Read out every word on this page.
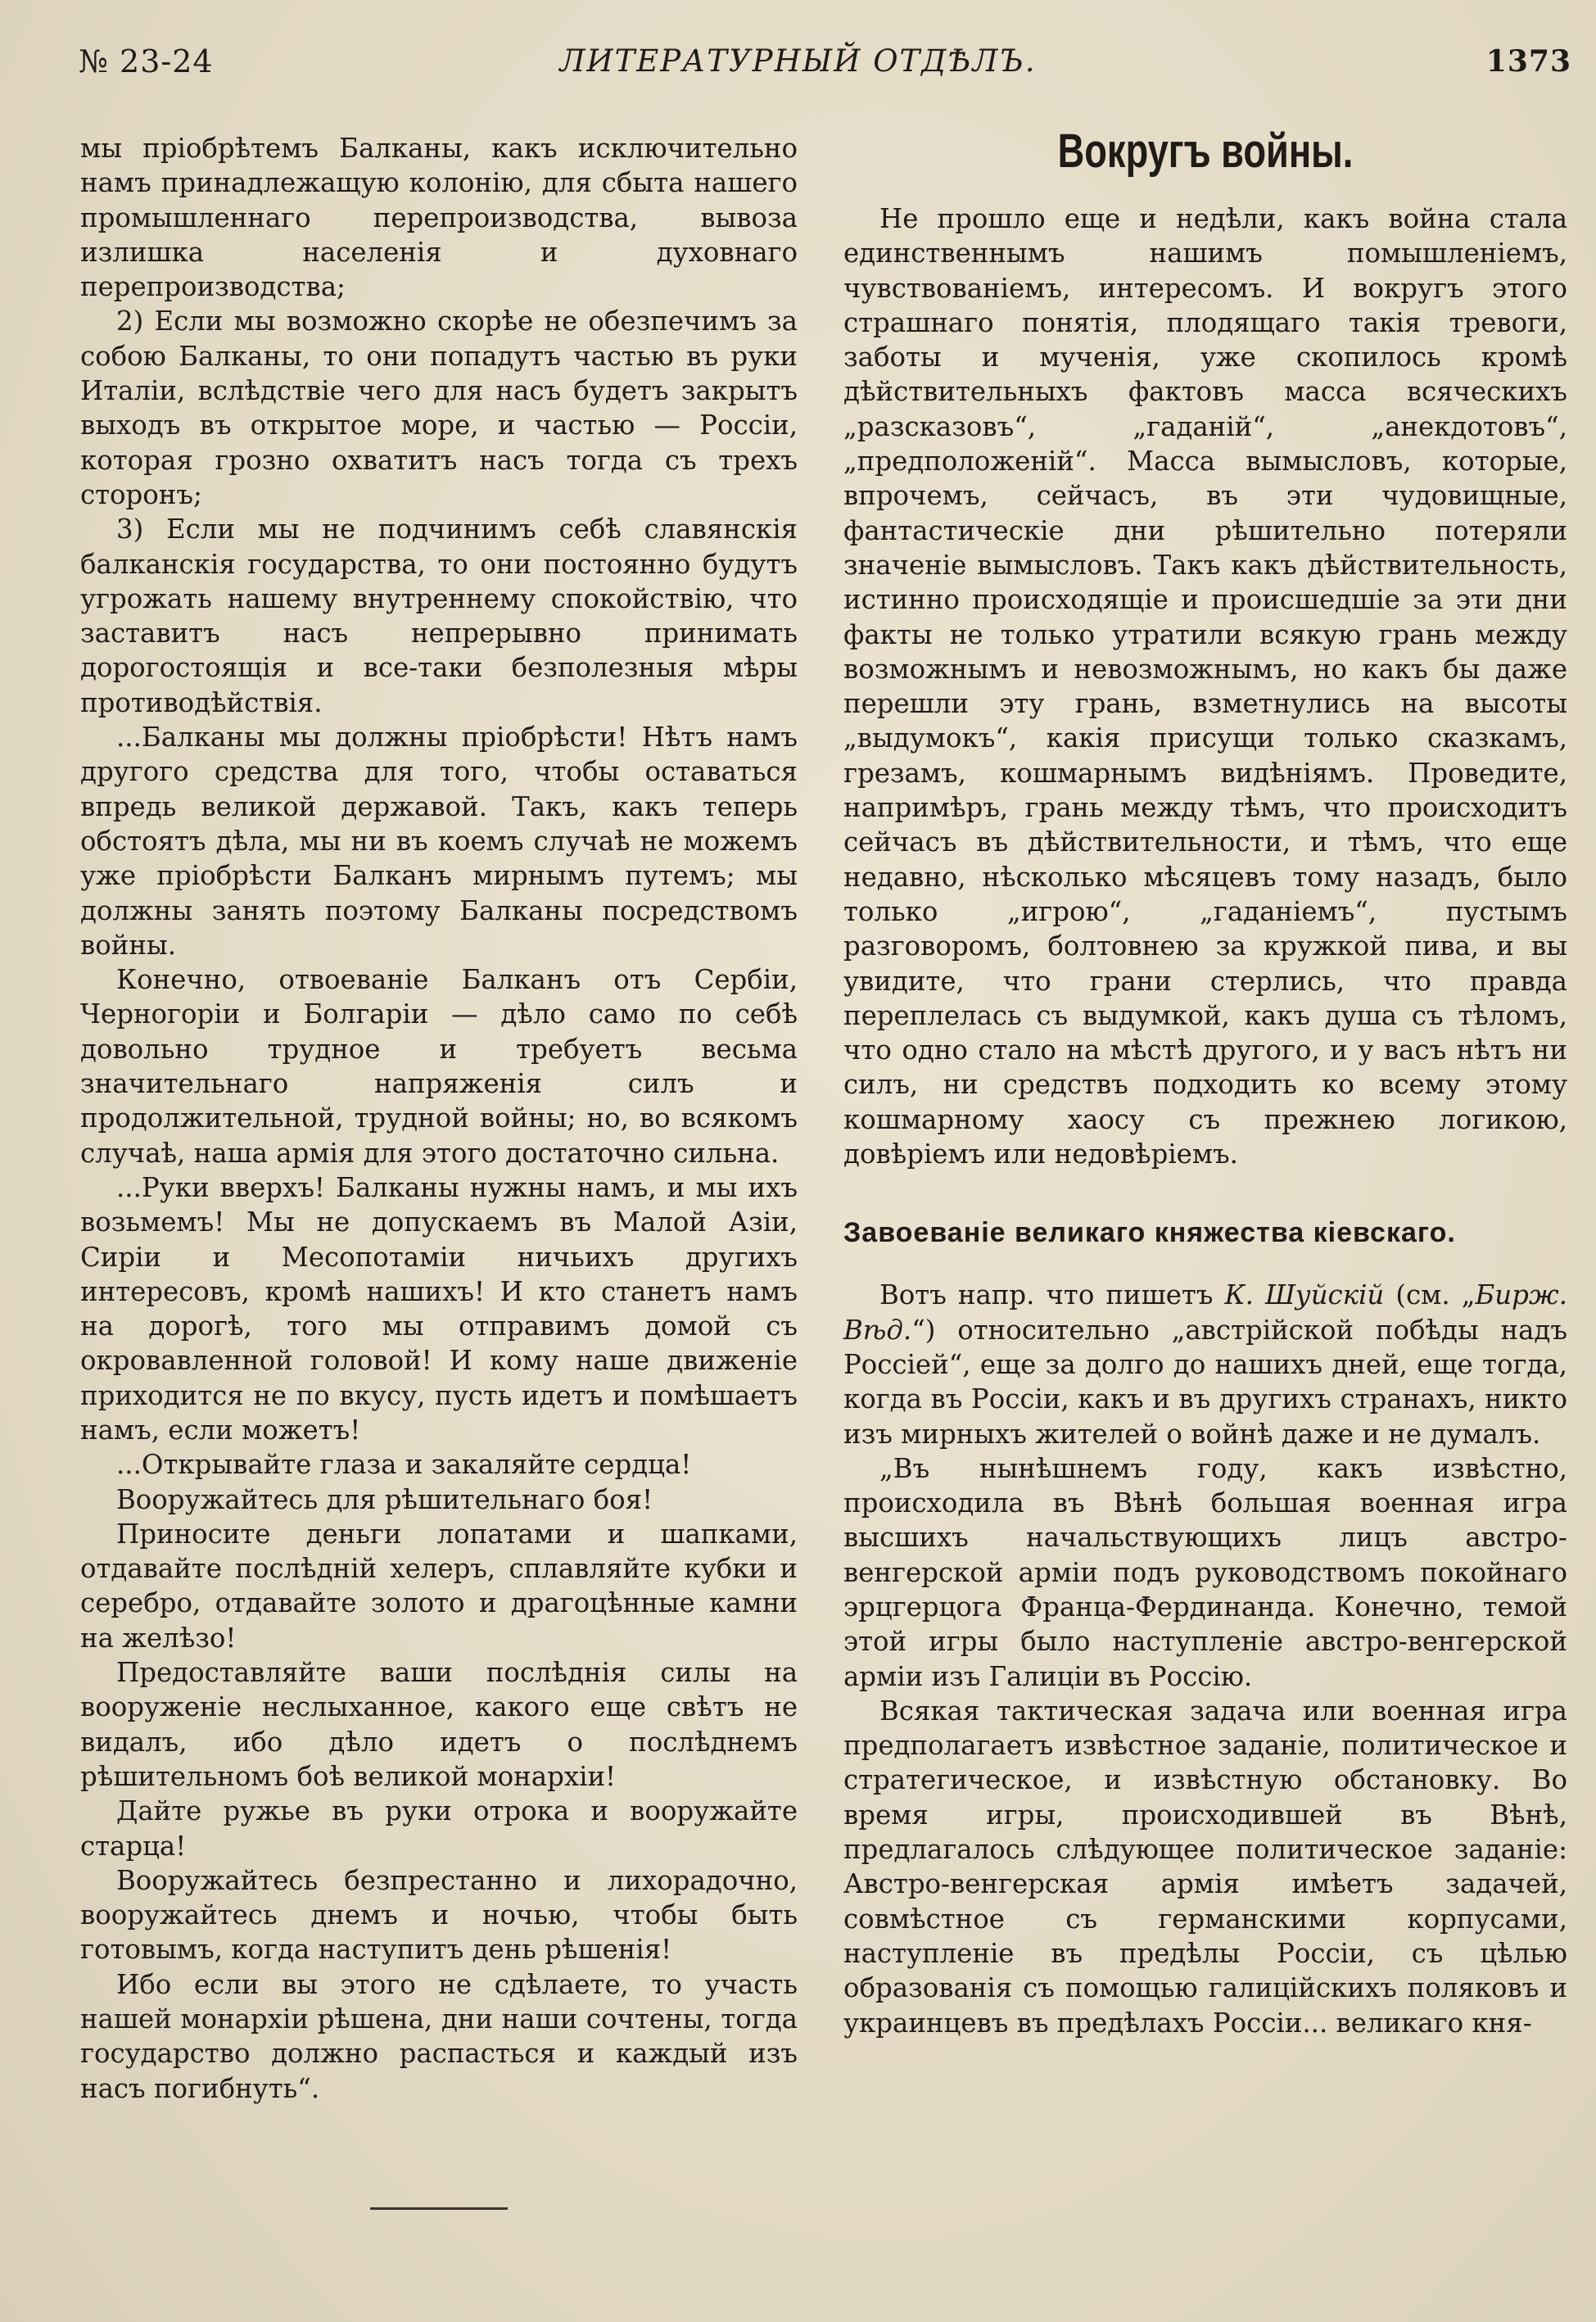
№ 23-24	ЛИТЕРАТУРНЫЙ ОТДѢЛЪ.	1373

мы пріобрѣтемъ Балканы, какъ исключительно намъ принадлежащую колонію, для сбыта нашего промышленнаго перепроизводства, вывоза излишка населенія и духовнаго перепроизводства;

2) Если мы возможно скорѣе не обезпечимъ за собою Балканы, то они попадутъ частью въ руки Италіи, вслѣдствіе чего для насъ будетъ закрытъ выходъ въ открытое море, и частью — Россіи, которая грозно охватитъ насъ тогда съ трехъ сторонъ;

3) Если мы не подчинимъ себѣ славянскія балканскія государства, то они постоянно будутъ угрожать нашему внутреннему спокойствію, что заставитъ насъ непрерывно принимать дорогостоящія и все-таки безполезныя мѣры противодѣйствія.

...Балканы мы должны пріобрѣсти! Нѣтъ намъ другого средства для того, чтобы оставаться впредь великой державой. Такъ, какъ теперь обстоятъ дѣла, мы ни въ коемъ случаѣ не можемъ уже пріобрѣсти Балканъ мирнымъ путемъ; мы должны занять поэтому Балканы посредствомъ войны.

Конечно, отвоеваніе Балканъ отъ Сербіи, Черногоріи и Болгаріи — дѣло само по себѣ довольно трудное и требуетъ весьма значительнаго напряженія силъ и продолжительной, трудной войны; но, во всякомъ случаѣ, наша армія для этого достаточно сильна.

...Руки вверхъ! Балканы нужны намъ, и мы ихъ возьмемъ! Мы не допускаемъ въ Малой Азіи, Сиріи и Месопотаміи ничьихъ другихъ интересовъ, кромѣ нашихъ! И кто станетъ намъ на дорогѣ, того мы отправимъ домой съ окровавленной головой! И кому наше движеніе приходится не по вкусу, пусть идетъ и помѣшаетъ намъ, если можетъ!

...Открывайте глаза и закаляйте сердца!

Вооружайтесь для рѣшительнаго боя!

Приносите деньги лопатами и шапками, отдавайте послѣдній хелеръ, сплавляйте кубки и серебро, отдавайте золото и драгоцѣнные камни на желѣзо!

Предоставляйте ваши послѣднія силы на вооруженіе неслыханное, какого еще свѣтъ не видалъ, ибо дѣло идетъ о послѣднемъ рѣшительномъ боѣ великой монархіи!

Дайте ружье въ руки отрока и вооружайте старца!

Вооружайтесь безпрестанно и лихорадочно, вооружайтесь днемъ и ночью, чтобы быть готовымъ, когда наступитъ день рѣшенія!

Ибо если вы этого не сдѣлаете, то участь нашей монархіи рѣшена, дни наши сочтены, тогда государство должно распасться и каждый изъ насъ погибнуть“.

Вокругъ войны.

Не прошло еще и недѣли, какъ война стала единственнымъ нашимъ помышленіемъ, чувствованіемъ, интересомъ. И вокругъ этого страшнаго понятія, плодящаго такія тревоги, заботы и мученія, уже скопилось кромѣ дѣйствительныхъ фактовъ масса всяческихъ „разсказовъ“, „гаданій“, „анекдотовъ“, „предположеній“. Масса вымысловъ, которые, впрочемъ, сейчасъ, въ эти чудовищные, фантастическіе дни рѣшительно потеряли значеніе вымысловъ. Такъ какъ дѣйствительность, истинно происходящіе и происшедшіе за эти дни факты не только утратили всякую грань между возможнымъ и невозможнымъ, но какъ бы даже перешли эту грань, взметнулись на высоты „выдумокъ“, какія присущи только сказкамъ, грезамъ, кошмарнымъ видѣніямъ. Проведите, напримѣръ, грань между тѣмъ, что происходитъ сейчасъ въ дѣйствительности, и тѣмъ, что еще недавно, нѣсколько мѣсяцевъ тому назадъ, было только „игрою“, „гаданіемъ“, пустымъ разговоромъ, болтовнею за кружкой пива, и вы увидите, что грани стерлись, что правда переплелась съ выдумкой, какъ душа съ тѣломъ, что одно стало на мѣстѣ другого, и у васъ нѣтъ ни силъ, ни средствъ подходить ко всему этому кошмарному хаосу съ прежнею логикою, довѣріемъ или недовѣріемъ.

Завоеваніе великаго княжества кіевскаго.

Вотъ напр. что пишетъ К. Шуйскій (см. „Бирж. Вѣд.“) относительно „австрійской побѣды надъ Россіей“, еще за долго до нашихъ дней, еще тогда, когда въ Россіи, какъ и въ другихъ странахъ, никто изъ мирныхъ жителей о войнѣ даже и не думалъ.

„Въ нынѣшнемъ году, какъ извѣстно, происходила въ Вѣнѣ большая военная игра высшихъ начальствующихъ лицъ австро-венгерской арміи подъ руководствомъ покойнаго эрцгерцога Франца-Фердинанда. Конечно, темой этой игры было наступленіе австро-венгерской арміи изъ Галиціи въ Россію.

Всякая тактическая задача или военная игра предполагаетъ извѣстное заданіе, политическое и стратегическое, и извѣстную обстановку. Во время игры, происходившей въ Вѣнѣ, предлагалось слѣдующее политическое заданіе: Австро-венгерская армія имѣетъ задачей, совмѣстное съ германскими корпусами, наступленіе въ предѣлы Россіи, съ цѣлью образованія съ помощью галиційскихъ поляковъ и украинцевъ въ предѣлахъ Россіи... великаго кня-
